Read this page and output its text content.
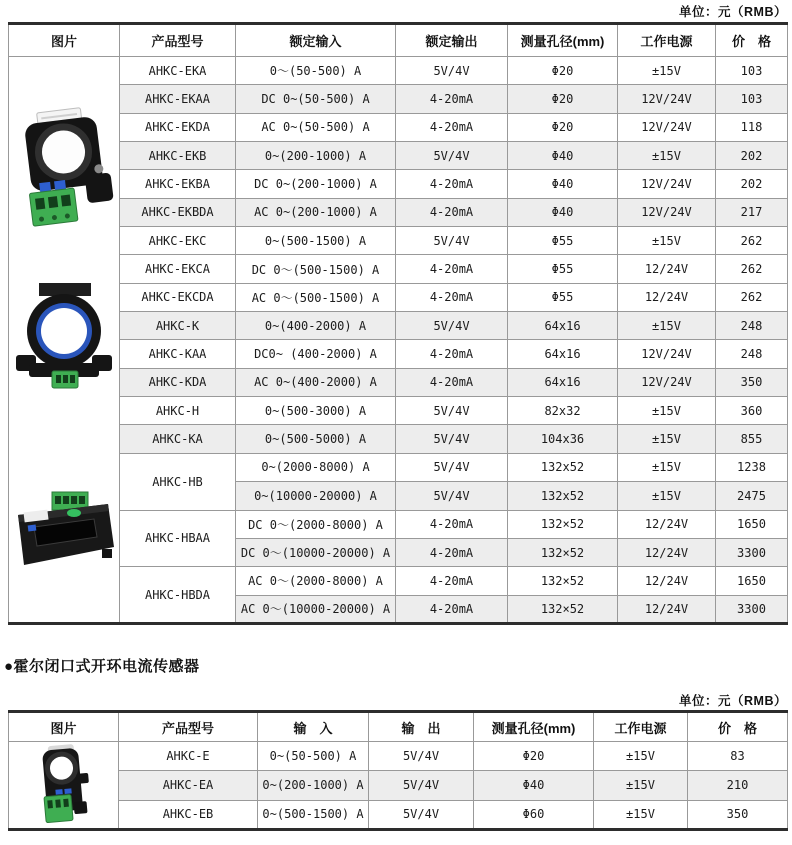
单位：元（RMB）
图片	产品型号	额定输入	额定输出	测量孔径(mm)	工作电源	价　格

	AHKC-EKA	0～(50-500) A	5V/4V	Φ20	±15V	103
	AHKC-EKAA	DC 0~(50-500) A	4-20mA	Φ20	12V/24V	103
	AHKC-EKDA	AC 0~(50-500) A	4-20mA	Φ20	12V/24V	118
	AHKC-EKB	0~(200-1000) A	5V/4V	Φ40	±15V	202
	AHKC-EKBA	DC 0~(200-1000) A	4-20mA	Φ40	12V/24V	202
	AHKC-EKBDA	AC 0~(200-1000) A	4-20mA	Φ40	12V/24V	217
	AHKC-EKC	0~(500-1500) A	5V/4V	Φ55	±15V	262
	AHKC-EKCA	DC 0～(500-1500) A	4-20mA	Φ55	12/24V	262
	AHKC-EKCDA	AC 0～(500-1500) A	4-20mA	Φ55	12/24V	262
	AHKC-K	0~(400-2000) A	5V/4V	64x16	±15V	248
	AHKC-KAA	DC0~ (400-2000) A	4-20mA	64x16	12V/24V	248
	AHKC-KDA	AC 0~(400-2000) A	4-20mA	64x16	12V/24V	350
	AHKC-H	0~(500-3000) A	5V/4V	82x32	±15V	360
	AHKC-KA	0~(500-5000) A	5V/4V	104x36	±15V	855
	AHKC-HB	0~(2000-8000) A	5V/4V	132x52	±15V	1238
		0~(10000-20000) A	5V/4V	132x52	±15V	2475
	AHKC-HBAA	DC 0～(2000-8000) A	4-20mA	132×52	12/24V	1650
		DC 0～(10000-20000) A	4-20mA	132×52	12/24V	3300
	AHKC-HBDA	AC 0～(2000-8000) A	4-20mA	132×52	12/24V	1650
		AC 0～(10000-20000) A	4-20mA	132×52	12/24V	3300
●霍尔闭口式开环电流传感器
单位：元（RMB）
图片	产品型号	输　入	输　出	测量孔径(mm)	工作电源	价　格

	AHKC-E	0~(50-500) A	5V/4V	Φ20	±15V	83
	AHKC-EA	0~(200-1000) A	5V/4V	Φ40	±15V	210
	AHKC-EB	0~(500-1500) A	5V/4V	Φ60	±15V	350
